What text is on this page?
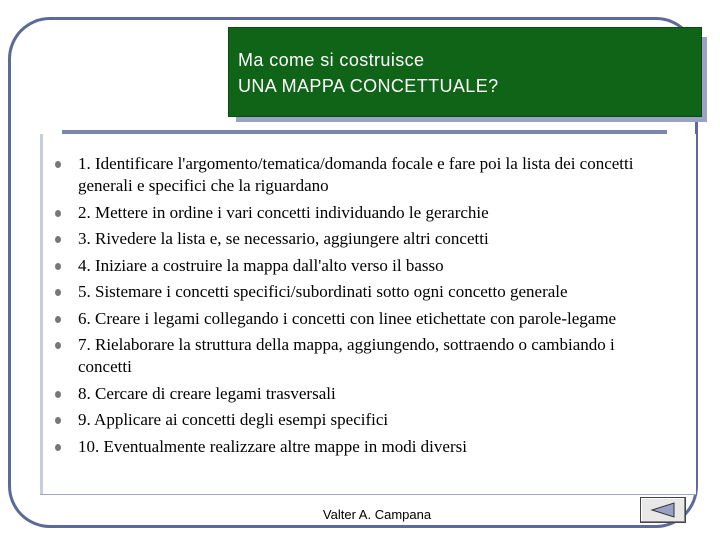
Ma come si costruisce
UNA MAPPA CONCETTUALE?
1. Identificare l'argomento/tematica/domanda focale e fare poi la lista dei concetti generali e specifici che la riguardano
2. Mettere in ordine i vari concetti individuando le gerarchie
3. Rivedere la lista e, se necessario, aggiungere altri concetti
4. Iniziare a costruire la mappa dall'alto verso il basso
5. Sistemare i concetti specifici/subordinati sotto ogni concetto generale
6. Creare i legami collegando i concetti con linee etichettate con parole-legame
7. Rielaborare la struttura della mappa, aggiungendo, sottraendo o cambiando i concetti
8. Cercare di creare legami trasversali
9. Applicare ai concetti degli esempi specifici
10. Eventualmente realizzare altre mappe in modi diversi
Valter A. Campana
